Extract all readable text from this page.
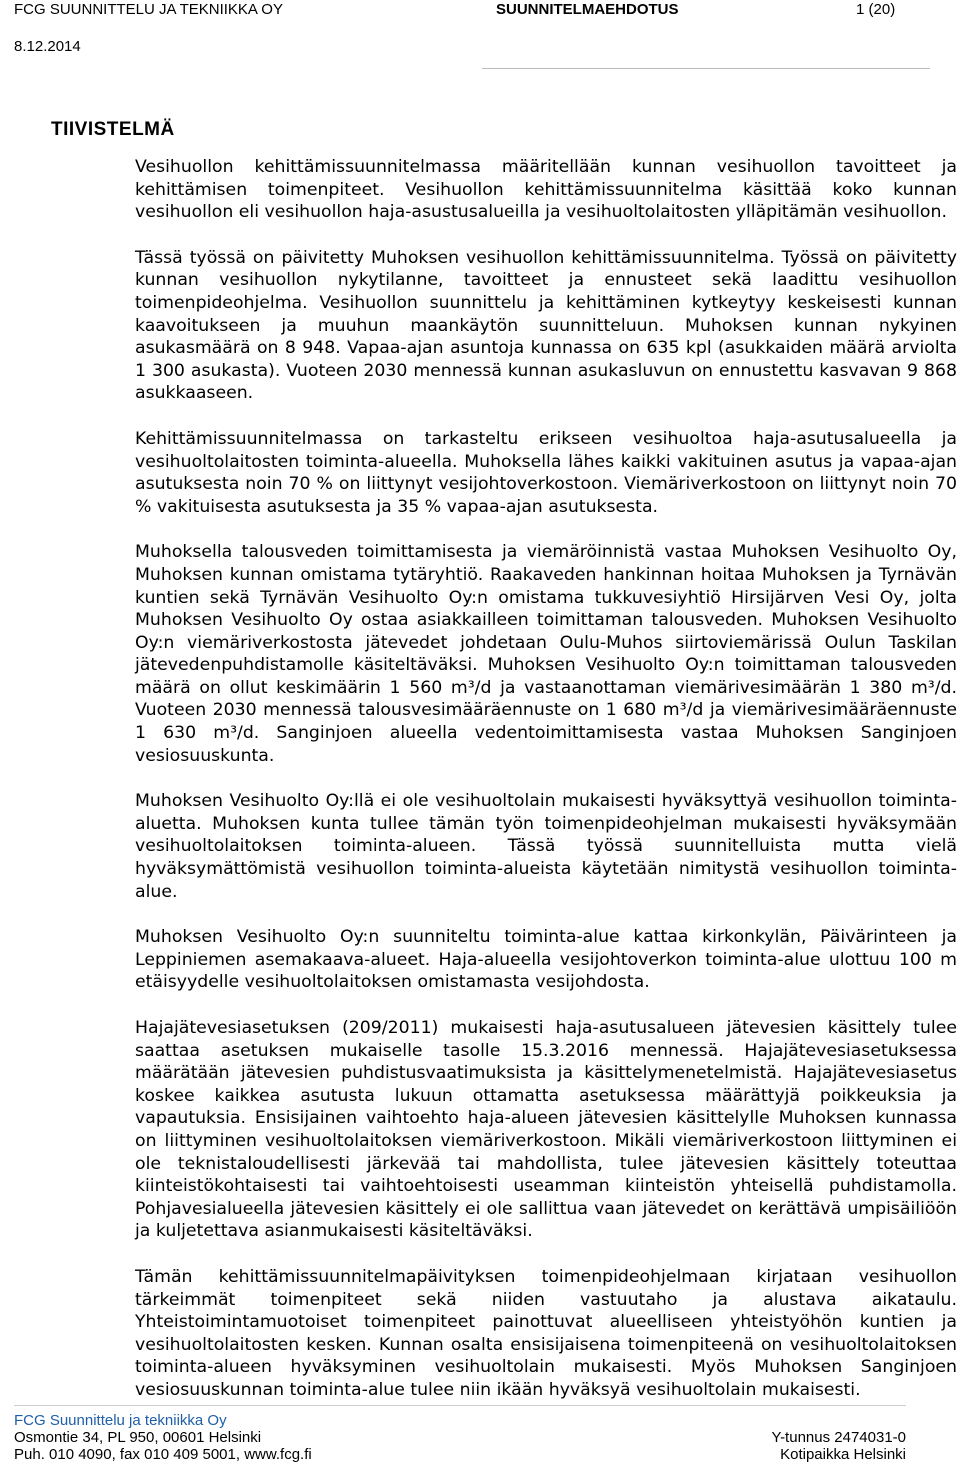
FCG SUUNNITTELU JA TEKNIIKKA OY	SUUNNITELMAEHDOTUS	1 (20)
8.12.2014
TIIVISTELMÄ

Vesihuollon kehittämissuunnitelmassa määritellään kunnan vesihuollon tavoitteet ja kehittämisen toimenpiteet. Vesihuollon kehittämissuunnitelma käsittää koko kunnan vesihuollon eli vesihuollon haja-asustusalueilla ja vesihuoltolaitosten ylläpitämän vesihuollon.

Tässä työssä on päivitetty Muhoksen vesihuollon kehittämissuunnitelma. Työssä on päivitetty kunnan vesihuollon nykytilanne, tavoitteet ja ennusteet sekä laadittu vesihuollon toimenpideohjelma. Vesihuollon suunnittelu ja kehittäminen kytkeytyy keskeisesti kunnan kaavoitukseen ja muuhun maankäytön suunnitteluun. Muhoksen kunnan nykyinen asukasmäärä on 8 948. Vapaa-ajan asuntoja kunnassa on 635 kpl (asukkaiden määrä arviolta 1 300 asukasta). Vuoteen 2030 mennessä kunnan asukasluvun on ennustettu kasvavan 9 868 asukkaaseen.

Kehittämissuunnitelmassa on tarkasteltu erikseen vesihuoltoa haja-asutusalueella ja vesihuoltolaitosten toiminta-alueella. Muhoksella lähes kaikki vakituinen asutus ja vapaa-ajan asutuksesta noin 70 % on liittynyt vesijohtoverkostoon. Viemäriverkostoon on liittynyt noin 70 % vakituisesta asutuksesta ja 35 % vapaa-ajan asutuksesta.

Muhoksella talousveden toimittamisesta ja viemäröinnistä vastaa Muhoksen Vesihuolto Oy, Muhoksen kunnan omistama tytäryhtiö. Raakaveden hankinnan hoitaa Muhoksen ja Tyrnävän kuntien sekä Tyrnävän Vesihuolto Oy:n omistama tukkuvesiyhtiö Hirsijärven Vesi Oy, jolta Muhoksen Vesihuolto Oy ostaa asiakkailleen toimittaman talousveden. Muhoksen Vesihuolto Oy:n viemäriverkostosta jätevedet johdetaan Oulu-Muhos siirtoviemärissä Oulun Taskilan jätevedenpuhdistamolle käsiteltäväksi. Muhoksen Vesihuolto Oy:n toimittaman talousveden määrä on ollut keskimäärin 1 560 m³/d ja vastaanottaman viemärivesimäärän 1 380 m³/d. Vuoteen 2030 mennessä talousvesimääräennuste on 1 680 m³/d ja viemärivesimääräennuste 1 630 m³/d. Sanginjoen alueella vedentoimittamisesta vastaa Muhoksen Sanginjoen vesiosuuskunta.

Muhoksen Vesihuolto Oy:llä ei ole vesihuoltolain mukaisesti hyväksyttyä vesihuollon toiminta-aluetta. Muhoksen kunta tullee tämän työn toimenpideohjelman mukaisesti hyväksymään vesihuoltolaitoksen toiminta-alueen. Tässä työssä suunnitelluista mutta vielä hyväksymättömistä vesihuollon toiminta-alueista käytetään nimitystä vesihuollon toiminta-alue.

Muhoksen Vesihuolto Oy:n suunniteltu toiminta-alue kattaa kirkonkylän, Päivärinteen ja Leppiniemen asemakaava-alueet. Haja-alueella vesijohtoverkon toiminta-alue ulottuu 100 m etäisyydelle vesihuoltolaitoksen omistamasta vesijohdosta.

Hajajätevesiasetuksen (209/2011) mukaisesti haja-asutusalueen jätevesien käsittely tulee saattaa asetuksen mukaiselle tasolle 15.3.2016 mennessä. Hajajätevesiasetuksessa määrätään jätevesien puhdistusvaatimuksista ja käsittelymenetelmistä. Hajajätevesiasetus koskee kaikkea asutusta lukuun ottamatta asetuksessa määrättyjä poikkeuksia ja vapautuksia. Ensisijainen vaihtoehto haja-alueen jätevesien käsittelylle Muhoksen kunnassa on liittyminen vesihuoltolaitoksen viemäriverkostoon. Mikäli viemäriverkostoon liittyminen ei ole teknistaloudellisesti järkevää tai mahdollista, tulee jätevesien käsittely toteuttaa kiinteistökohtaisesti tai vaihtoehtoisesti useamman kiinteistön yhteisellä puhdistamolla. Pohjavesialueella jätevesien käsittely ei ole sallittua vaan jätevedet on kerättävä umpisäiliöön ja kuljetettava asianmukaisesti käsiteltäväksi.

Tämän kehittämissuunnitelmapäivityksen toimenpideohjelmaan kirjataan vesihuollon tärkeimmät toimenpiteet sekä niiden vastuutaho ja alustava aikataulu. Yhteistoimintamuotoiset toimenpiteet painottuvat alueelliseen yhteistyöhön kuntien ja vesihuoltolaitosten kesken. Kunnan osalta ensisijaisena toimenpiteenä on vesihuoltolaitoksen toiminta-alueen hyväksyminen vesihuoltolain mukaisesti. Myös Muhoksen Sanginjoen vesiosuuskunnan toiminta-alue tulee niin ikään hyväksyä vesihuoltolain mukaisesti.

FCG Suunnittelu ja tekniikka Oy
Osmontie 34, PL 950, 00601 Helsinki	Y-tunnus 2474031-0
Puh. 010 4090, fax 010 409 5001, www.fcg.fi	Kotipaikka Helsinki
